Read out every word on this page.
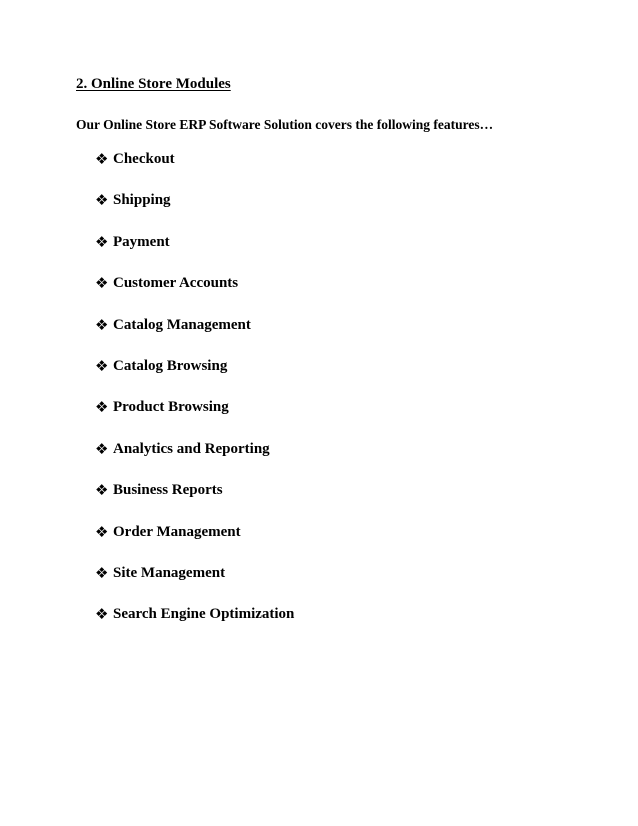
2. Online Store Modules
Our Online Store ERP Software Solution covers the following features…
❖ Checkout
❖ Shipping
❖ Payment
❖ Customer Accounts
❖ Catalog Management
❖ Catalog Browsing
❖ Product Browsing
❖ Analytics and Reporting
❖ Business Reports
❖ Order Management
❖ Site Management
❖ Search Engine Optimization
